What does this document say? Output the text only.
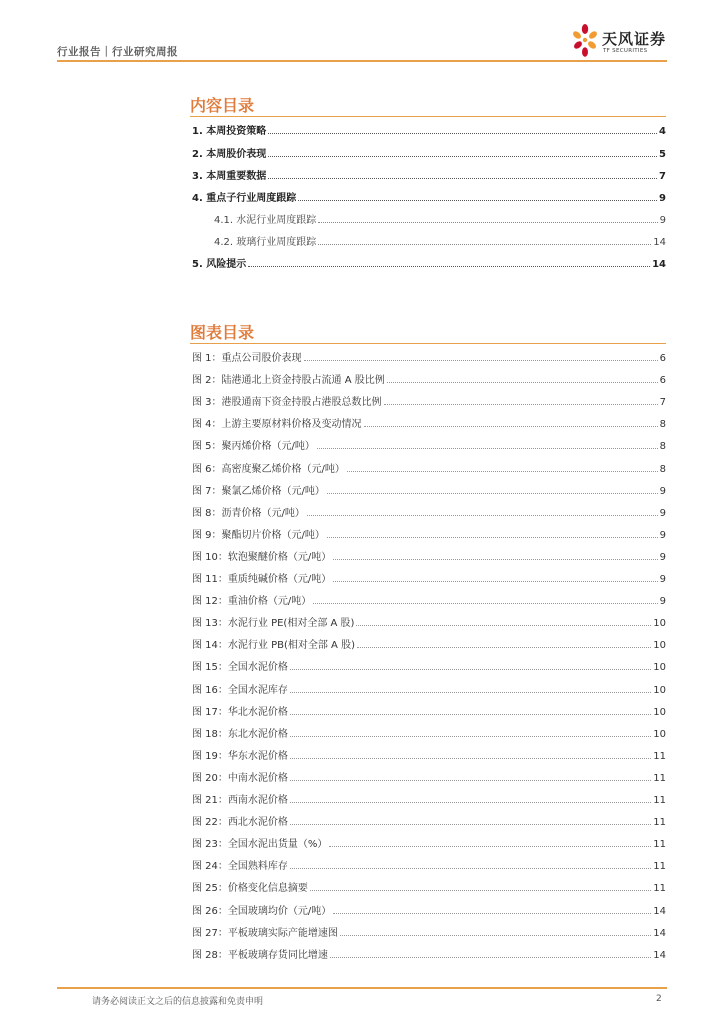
行业报告｜行业研究周报
天风证券
TF SECURITIES
内容目录
1. 本周投资策略	4
2. 本周股价表现	5
3. 本周重要数据	7
4. 重点子行业周度跟踪	9
4.1. 水泥行业周度跟踪	9
4.2. 玻璃行业周度跟踪	14
5. 风险提示	14
图表目录
图 1：重点公司股价表现	6
图 2：陆港通北上资金持股占流通 A 股比例	6
图 3：港股通南下资金持股占港股总数比例	7
图 4：上游主要原材料价格及变动情况	8
图 5：聚丙烯价格（元/吨）	8
图 6：高密度聚乙烯价格（元/吨）	8
图 7：聚氯乙烯价格（元/吨）	9
图 8：沥青价格（元/吨）	9
图 9：聚酯切片价格（元/吨）	9
图 10：软泡聚醚价格（元/吨）	9
图 11：重质纯碱价格（元/吨）	9
图 12：重油价格（元/吨）	9
图 13：水泥行业 PE(相对全部 A 股)	10
图 14：水泥行业 PB(相对全部 A 股)	10
图 15：全国水泥价格	10
图 16：全国水泥库存	10
图 17：华北水泥价格	10
图 18：东北水泥价格	10
图 19：华东水泥价格	11
图 20：中南水泥价格	11
图 21：西南水泥价格	11
图 22：西北水泥价格	11
图 23：全国水泥出货量（%）	11
图 24：全国熟料库存	11
图 25：价格变化信息摘要	11
图 26：全国玻璃均价（元/吨）	14
图 27：平板玻璃实际产能增速图	14
图 28：平板玻璃存货同比增速	14
请务必阅读正文之后的信息披露和免责申明	2
